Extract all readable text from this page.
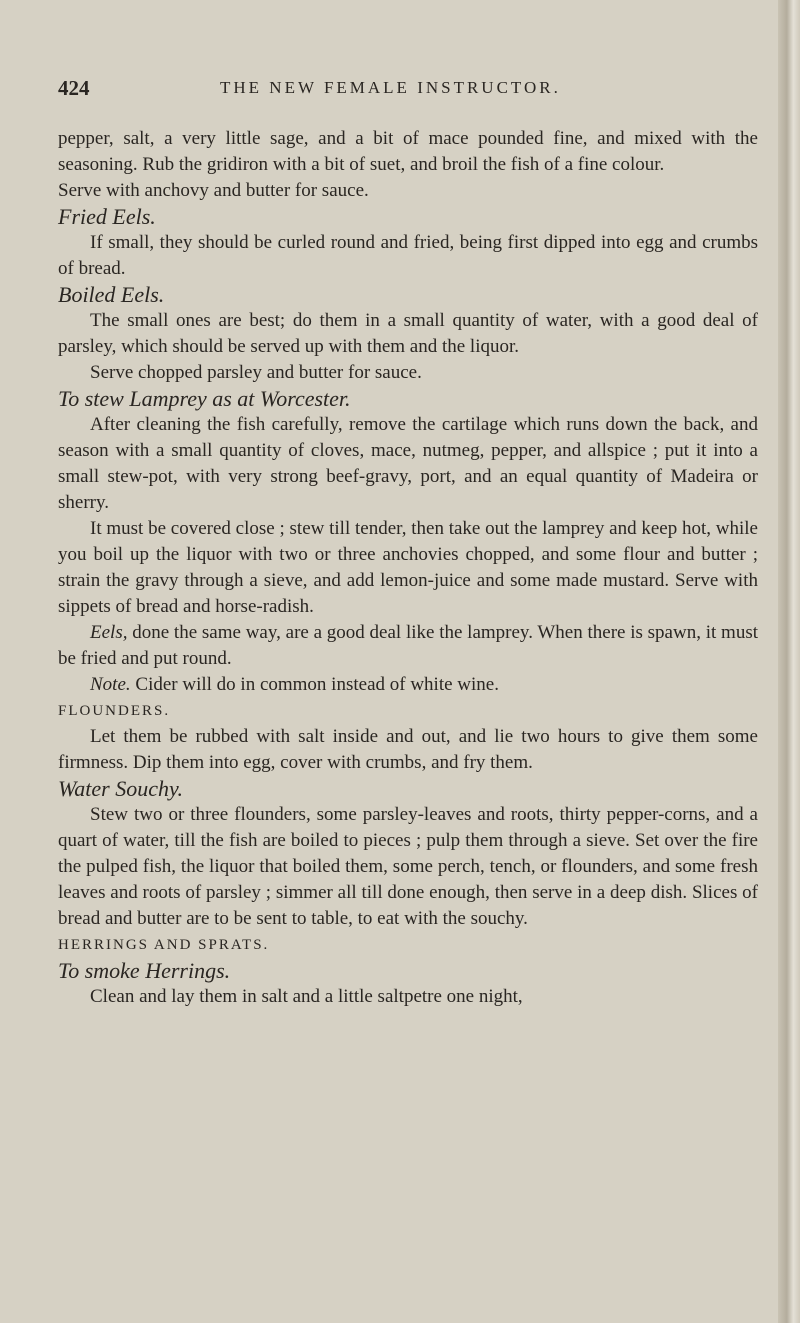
424	THE NEW FEMALE INSTRUCTOR.

pepper, salt, a very little sage, and a bit of mace pounded fine, and mixed with the seasoning. Rub the gridiron with a bit of suet, and broil the fish of a fine colour.

Serve with anchovy and butter for sauce.

Fried Eels.

If small, they should be curled round and fried, being first dipped into egg and crumbs of bread.

Boiled Eels.

The small ones are best; do them in a small quantity of water, with a good deal of parsley, which should be served up with them and the liquor.

Serve chopped parsley and butter for sauce.

To stew Lamprey as at Worcester.

After cleaning the fish carefully, remove the cartilage which runs down the back, and season with a small quantity of cloves, mace, nutmeg, pepper, and allspice ; put it into a small stew-pot, with very strong beef-gravy, port, and an equal quantity of Madeira or sherry.

It must be covered close ; stew till tender, then take out the lamprey and keep hot, while you boil up the liquor with two or three anchovies chopped, and some flour and butter ; strain the gravy through a sieve, and add lemon-juice and some made mustard. Serve with sippets of bread and horse-radish.

Eels, done the same way, are a good deal like the lamprey. When there is spawn, it must be fried and put round.

Note. Cider will do in common instead of white wine.

FLOUNDERS.

Let them be rubbed with salt inside and out, and lie two hours to give them some firmness. Dip them into egg, cover with crumbs, and fry them.

Water Souchy.

Stew two or three flounders, some parsley-leaves and roots, thirty pepper-corns, and a quart of water, till the fish are boiled to pieces ; pulp them through a sieve. Set over the fire the pulped fish, the liquor that boiled them, some perch, tench, or flounders, and some fresh leaves and roots of parsley ; simmer all till done enough, then serve in a deep dish. Slices of bread and butter are to be sent to table, to eat with the souchy.

HERRINGS AND SPRATS.

To smoke Herrings.

Clean and lay them in salt and a little saltpetre one night,
